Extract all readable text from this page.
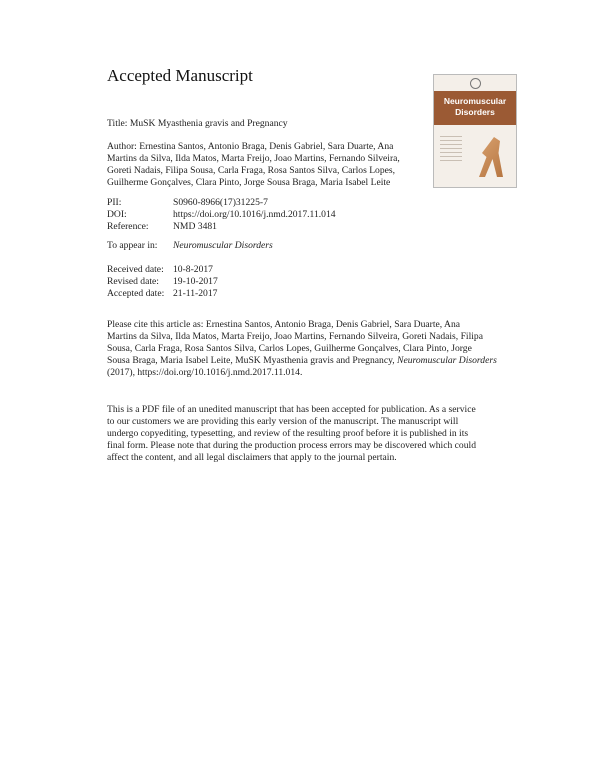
Accepted Manuscript
Neuromuscular
Disorders
Title: MuSK Myasthenia gravis and Pregnancy
Author: Ernestina Santos, Antonio Braga, Denis Gabriel, Sara Duarte, Ana
Martins da Silva, Ilda Matos, Marta Freijo, Joao Martins, Fernando Silveira,
Goreti Nadais, Filipa Sousa, Carla Fraga, Rosa Santos Silva, Carlos Lopes,
Guilherme Gonçalves, Clara Pinto, Jorge Sousa Braga, Maria Isabel Leite
PII:	S0960-8966(17)31225-7
DOI:	https://doi.org/10.1016/j.nmd.2017.11.014
Reference:	NMD 3481
To appear in:	Neuromuscular Disorders
Received date: 10-8-2017
Revised date:	19-10-2017
Accepted date: 21-11-2017
Please cite this article as: Ernestina Santos, Antonio Braga, Denis Gabriel, Sara Duarte, Ana
Martins da Silva, Ilda Matos, Marta Freijo, Joao Martins, Fernando Silveira, Goreti Nadais, Filipa
Sousa, Carla Fraga, Rosa Santos Silva, Carlos Lopes, Guilherme Gonçalves, Clara Pinto, Jorge
Sousa Braga, Maria Isabel Leite, MuSK Myasthenia gravis and Pregnancy, Neuromuscular Disorders
(2017), https://doi.org/10.1016/j.nmd.2017.11.014.
This is a PDF file of an unedited manuscript that has been accepted for publication. As a service
to our customers we are providing this early version of the manuscript. The manuscript will
undergo copyediting, typesetting, and review of the resulting proof before it is published in its
final form. Please note that during the production process errors may be discovered which could
affect the content, and all legal disclaimers that apply to the journal pertain.
